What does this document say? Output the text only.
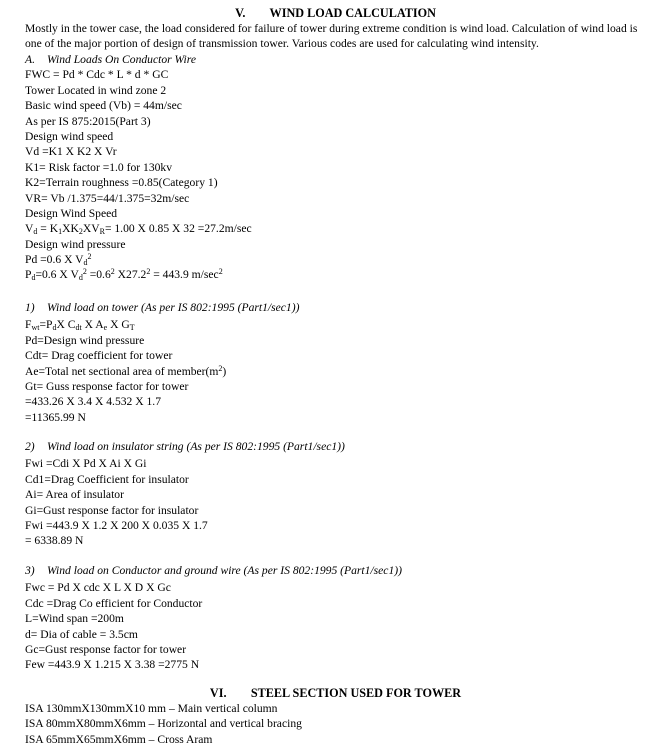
V. WIND LOAD CALCULATION

Mostly in the tower case, the load considered for failure of tower during extreme condition is wind load. Calculation of wind load is one of the major portion of design of transmission tower. Various codes are used for calculating wind intensity.

A. Wind Loads On Conductor Wire
FWC = Pd * Cdc * L * d * GC
Tower Located in wind zone 2
Basic wind speed (Vb) = 44m/sec
As per IS 875:2015(Part 3)
Design wind speed
Vd =K1 X K2 X Vr
K1= Risk factor =1.0 for 130kv
K2=Terrain roughness =0.85(Category 1)
VR= Vb /1.375=44/1.375=32m/sec
Design Wind Speed
$V_d = K_1XK_2XV_R= 1.00$ X 0.85 X 32 =27.2m/sec
Design wind pressure
Pd =0.6 X $V_d^2$
$P_d=0.6$ X $V_d^2 =0.6^2$ $X27.2^2 = 443.9$ $m/\sec^2$
1) Wind load on tower (As per IS 802:1995 (Part1/sec1))
$F_{wt}=P_dX$ $C_{dt}$ X $A_e$ X $G_T$
Pd=Design wind pressure
Cdt= Drag coefficient for tower
Ae=Total net sectional area of $member(m^2)$
Gt= Guss response factor for tower
=433.26 X 3.4 X 4.532 X 1.7
=11365.99 N
2) Wind load on insulator string (As per IS 802:1995 (Part1/sec1))
Fwi =Cdi X Pd X Ai X Gi
Cd1=Drag Coefficient for insulator
Ai= Area of insulator
Gi=Gust response factor for insulator
Fwi =443.9 X 1.2 X 200 X 0.035 X 1.7
= 6338.89 N
3) Wind load on Conductor and ground wire (As per IS 802:1995 (Part1/sec1))
Fwc = Pd X cdc X L X D X Gc
Cdc =Drag Co efficient for Conductor
L=Wind span =200m
d= Dia of cable = 3.5cm
Gc=Gust response factor for tower
Few =443.9 X 1.215 X 3.38 =2775 N
VI. STEEL SECTION USED FOR TOWER
ISA 130mmX130mmX10 mm – Main vertical column
ISA 80mmX80mmX6mm – Horizontal and vertical bracing
ISA 65mmX65mmX6mm – Cross Aram
